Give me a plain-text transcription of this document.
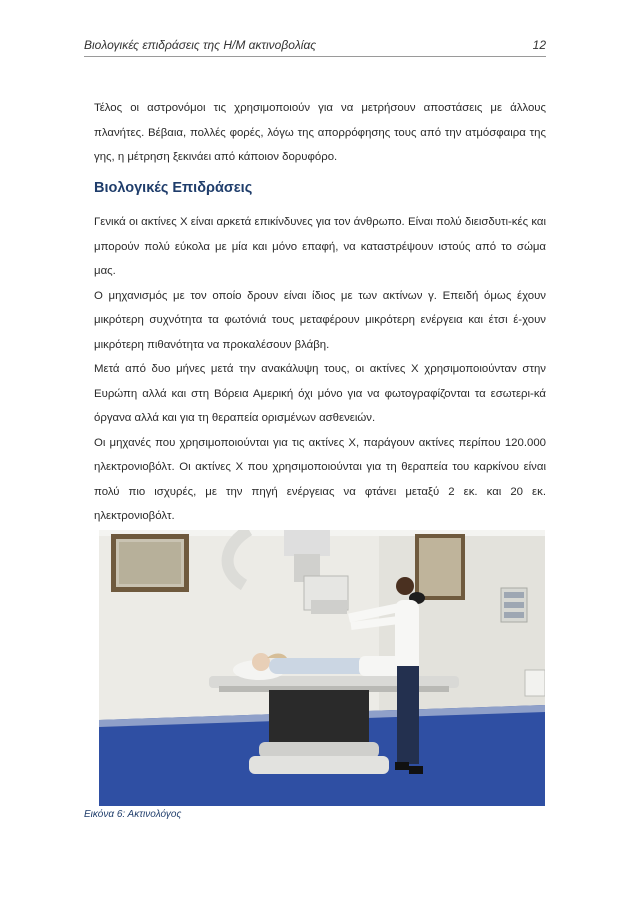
Βιολογικές επιδράσεις της Η/Μ ακτινοβολίας	12

Τέλος οι αστρονόμοι τις χρησιμοποιούν για να μετρήσουν αποστάσεις με άλλους πλανήτες. Βέβαια, πολλές φορές, λόγω της απορρόφησης τους από την ατμόσφαιρα της γης, η μέτρηση ξεκινάει από κάποιον δορυφόρο.

Βιολογικές Επιδράσεις

Γενικά οι ακτίνες Χ είναι αρκετά επικίνδυνες για τον άνθρωπο. Είναι πολύ διεισδυτι-κές και μπορούν πολύ εύκολα με μία και μόνο επαφή, να καταστρέψουν ιστούς από το σώμα μας.

Ο μηχανισμός με τον οποίο δρουν είναι ίδιος με των ακτίνων γ. Επειδή όμως έχουν μικρότερη συχνότητα τα φωτόνιά τους μεταφέρουν μικρότερη ενέργεια και έτσι έ-χουν μικρότερη πιθανότητα να προκαλέσουν βλάβη.

Μετά από δυο μήνες μετά την ανακάλυψη τους, οι ακτίνες Χ χρησιμοποιούνταν στην Ευρώπη αλλά και στη Βόρεια Αμερική όχι μόνο για να φωτογραφίζονται τα εσωτερι-κά όργανα αλλά και για τη θεραπεία ορισμένων ασθενειών.

Οι μηχανές που χρησιμοποιούνται για τις ακτίνες Χ, παράγουν ακτίνες περίπου 120.000 ηλεκτρονιοβόλτ. Οι ακτίνες Χ που χρησιμοποιούνται για τη θεραπεία του καρκίνου είναι πολύ πιο ισχυρές, με την πηγή ενέργειας να φτάνει μεταξύ 2 εκ. και 20 εκ. ηλεκτρονιοβόλτ.

Εικόνα 6: Ακτινολόγος
